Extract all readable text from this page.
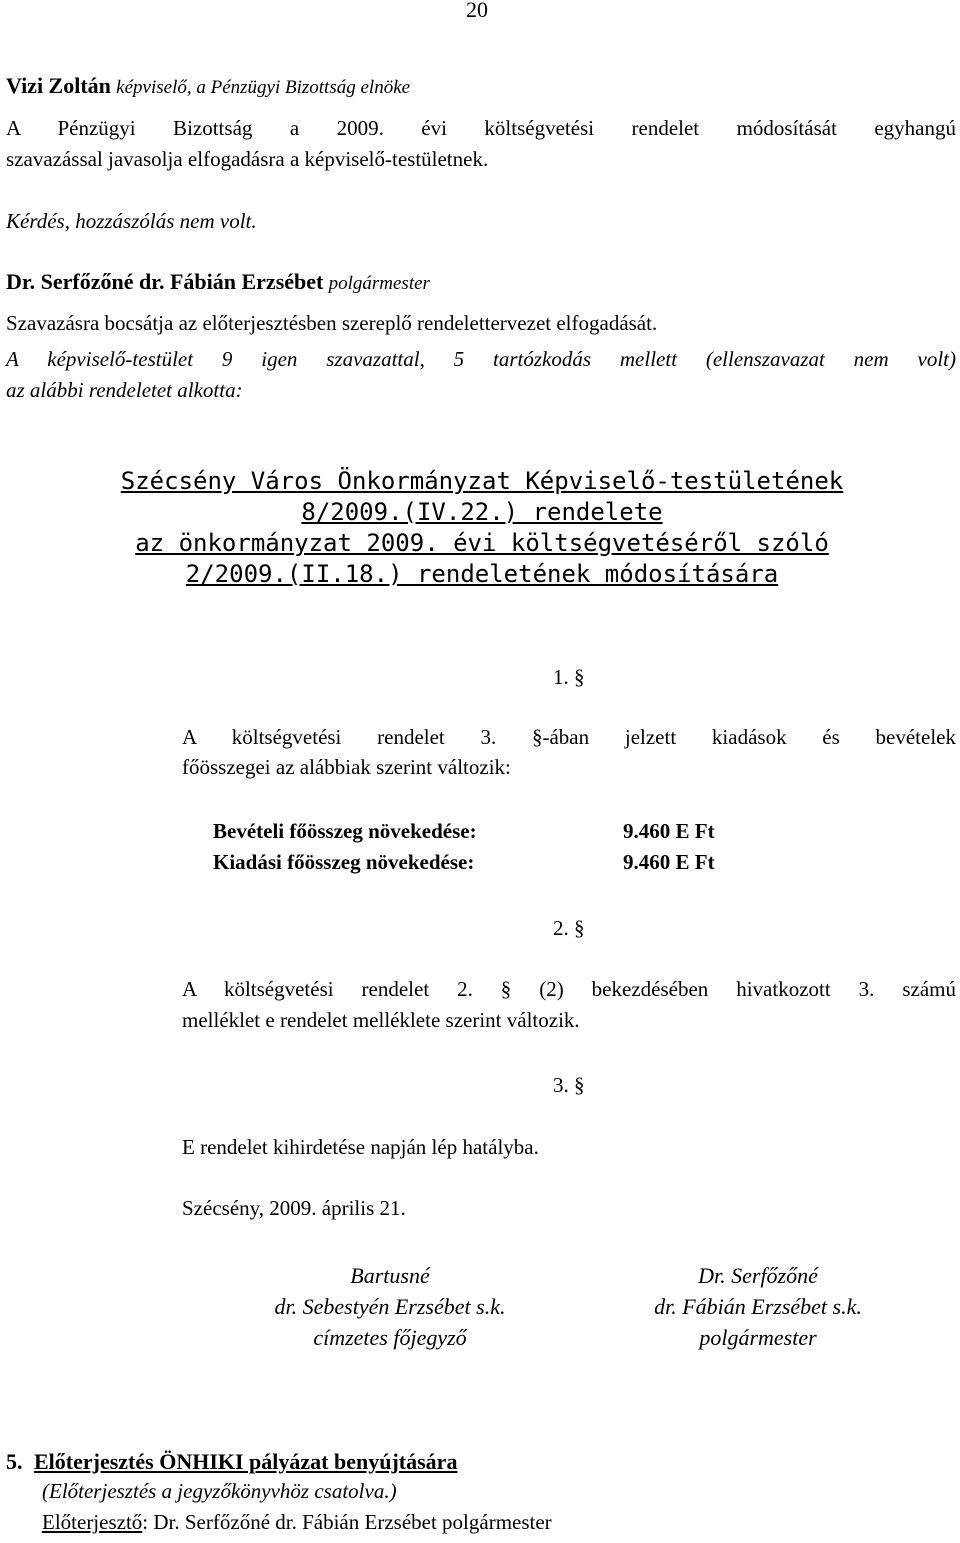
20
Vizi Zoltán képviselő, a Pénzügyi Bizottság elnöke
A Pénzügyi Bizottság a 2009. évi költségvetési rendelet módosítását egyhangú
szavazással javasolja elfogadásra a képviselő-testületnek.
Kérdés, hozzászólás nem volt.
Dr. Serfőzőné dr. Fábián Erzsébet polgármester
Szavazásra bocsátja az előterjesztésben szereplő rendelettervezet elfogadását.
A képviselő-testület 9 igen szavazattal, 5 tartózkodás mellett (ellenszavazat nem volt)
az alábbi rendeletet alkotta:
Szécsény Város Önkormányzat Képviselő-testületének
8/2009.(IV.22.) rendelete
az önkormányzat 2009. évi költségvetéséről szóló
2/2009.(II.18.) rendeletének módosítására
1. §
A költségvetési rendelet 3. §-ában jelzett kiadások és bevételek
főösszegei az alábbiak szerint változik:
Bevételi főösszeg növekedése:	9.460 E Ft
Kiadási főösszeg növekedése:	9.460 E Ft
2. §
A költségvetési rendelet 2. § (2) bekezdésében hivatkozott 3. számú
melléklet e rendelet melléklete szerint változik.
3. §
E rendelet kihirdetése napján lép hatályba.
Szécsény, 2009. április 21.
Bartusné
dr. Sebestyén Erzsébet s.k.
címzetes főjegyző
Dr. Serfőzőné
dr. Fábián Erzsébet s.k.
polgármester
5. Előterjesztés ÖNHIKI pályázat benyújtására
(Előterjesztés a jegyzőkönyvhöz csatolva.)
Előterjesztő: Dr. Serfőzőné dr. Fábián Erzsébet polgármester
